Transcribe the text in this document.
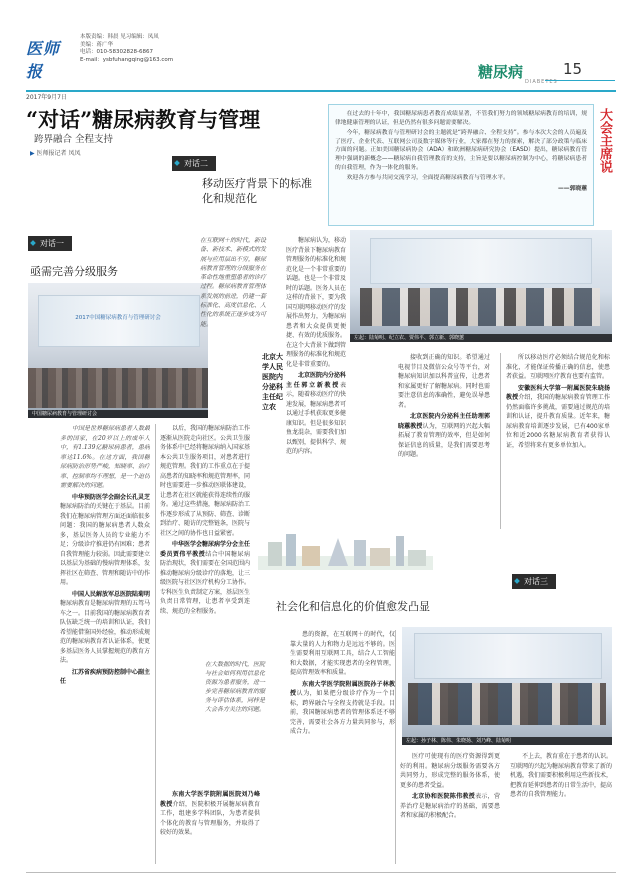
医师报
2017年9月7日
本版责编：韩晨 见习编辑：凤凤
美编：蒋广华
电话：010-58302828-6867
E-mail：ysbfuhangqing@163.com
糖尿病
DIABETES
15
“对话”糖尿病教育与管理
跨界融合 全程支持
▶ 医师报记者 凤凤

在过去的十年中，我国糖尿病患者教育成绩显著，不管我们努力的领域糖尿病教育的培训，规律地健康管理的认证，但是仍然有很多问题需要解决。

今年，糖尿病教育与管理研讨会的主题就是“跨界融合、全程支持”。参与本次大会的人员遍及了医疗、企业代表、互联网公司及数字媒体等行业，大家都在努力的探索，解决了部分政策与临床方面的问题。正如美国糖尿病协会（ADA）和欧洲糖尿病研究协会（EASD）提出，糖尿病教育管理中强调的新概念——糖尿病自我管理教育的支持，主旨是要以糖尿病控制为中心，将糖尿病患者的自我管理，作为一体化的服务。

欢迎各方参与共同交流学习，全面提高糖尿病教育与管理水平。

——郭晓蕙
大会主席说
对话二
移动医疗背景下的标准化和规范化
对话一
亟需完善分级服务
2017中国糖尿病教育与管理研讨会
中国糖尿病教育与管理研讨会
左起：陆菊明、纪立农、贾伟平、郭立新、郭晓蕙

中国是世界糖尿病患者人数最多的国家，在20岁以上的成年人中，有1.139亿糖尿病患者，患病率达11.6%。在这方面，我国糖尿病防治形势严峻，知晓率、治疗率、控制率均不理想，是一个迫切需要解决的问题。

中华预防医学会副会长孔灵芝糖尿病防治的关键在于基层。目前我们在糖尿病管理方面还面临很多问题：我国的糖尿病患者人数众多，基层医务人员的专业能力不足；分级诊疗推进仍有困难；患者自我管理能力较弱。因此需要建立以基层为基础的慢病管理体系，发挥社区在筛查、管理和随访中的作用。

中国人民解放军总医院陆菊明糖尿病教育是糖尿病管理的五驾马车之一。目前我国的糖尿病教育者队伍缺乏统一的培训和认证，我们希望能借鉴国外经验，推动形成规范的糖尿病教育者认证体系，使更多基层医务人员掌握规范的教育方法。

江苏省疾病预防控制中心副主任

以后，我国的糖尿病防治工作逐渐从医院走向社区。公共卫生服务体系中已经将糖尿病纳入国家基本公共卫生服务项目，对患者进行规范管理。我们的工作重点在于提高患者的知晓率和规范管理率，同时也需要进一步推动医联体建设，让患者在社区就能获得连续性的服务。通过这些措施，糖尿病防治工作逐步形成了从预防、筛查、诊断到治疗、随访的完整链条，医院与社区之间的协作也日益紧密。

中华医学会糖尿病学分会主任委员贾伟平教授结合中国糖尿病防治现状，我们需要在全国范围内推动糖尿病分级诊疗的落地，让三级医院与社区医疗机构分工协作。专科医生负责制定方案，基层医生负责日常管理，让患者享受到连续、规范的全程服务。

在大数据的时代，医院与社会如何利用信息化资源为患者服务，进一步完善糖尿病教育的服务与评估体系，同样是大会各方关注的问题。

东南大学医学院附属医院刘乃峰教授介绍，医院积极开展糖尿病教育工作，组建多学科团队，为患者提供个体化的教育与管理服务，并取得了较好的效果。

在互联网＋的时代，新设备、新技术、新模式的发展与应用层出不穷，糖尿病教育管理的分级服务在革命性地重塑患者的诊疗过程。糖尿病教育管理体系发展的前进，仍建一套标准化、高度信息化、人性化的系统正逐步成为可能。
北京大学人民医院内分泌科主任纪立农

糖尿病认为，移动医疗背景下糖尿病教育管理服务的标准化和规范化是一个非常重要的话题。也是一个非常及时的话题。医务人员在这样的背景下，要为我国互联网移动医疗的发展作出努力，为糖尿病患者和大众提供更便捷、有效的优质服务。在这个大背景下做到管理服务的标准化和规范化是非常重要的。

北京医院内分泌科主任郭立新教授表示，随着移动医疗的快速发展，糖尿病患者可以通过手机获取更多健康知识。但是很多知识鱼龙混杂，需要我们加以甄别，提供科学、规范的内容。

接收到正确的知识。希望通过电视节目及微信公众号等平台，对糖尿病知识加以科普宣传，让患者和家属更好了解糖尿病。同时也需要注意信息的准确性，避免误导患者。

北京医院内分泌科主任助理郭晓蕙教授认为，互联网的兴起大幅拓展了教育管理的效率，但是如何保证信息的质量，是我们需要思考的问题。

所以移动医疗必须结合规范化和标准化，才能保证传播正确的信息，使患者获益。互联网医疗教育也要有监管。

安徽医科大学第一附属医院朱晓扬教授介绍，我国的糖尿病教育管理工作仍然面临许多挑战，需要通过规范的培训和认证，提升教育质量。近年来，糖尿病教育培训逐步发展，已有400家单位和近2000名糖尿病教育者获得认证，希望将来有更多单位加入。

对话三
社会化和信息化的价值愈发凸显
左起：孙子林、陈伟、朱晓扬、刘乃峰、陆菊明

患的资源，在互联网＋的时代，仅靠大量的人力和物力是远远不够的。医生需要利用互联网工具，结合人工智能和大数据，才能实现患者的全程管理，提高管理效率和质量。

东南大学医学院附属医院孙子林教授认为，如果把分级诊疗作为一个目标，跨界融合与全程支持就是手段。目前，我国糖尿病患者的管理体系还不够完善，需要社会各方力量共同参与，形成合力。

医疗可使现有的医疗资源得到更好的利用。糖尿病分级服务需要各方共同努力，形成完整的服务体系，使更多的患者受益。

北京协和医院陈伟教授表示，营养治疗是糖尿病治疗的基础，需要患者和家属的积极配合。

不上去，教育重在于患者的认识。互联网的兴起为糖尿病教育带来了新的机遇，我们需要积极利用这些新技术，把教育延伸到患者的日常生活中，提高患者的自我管理能力。
